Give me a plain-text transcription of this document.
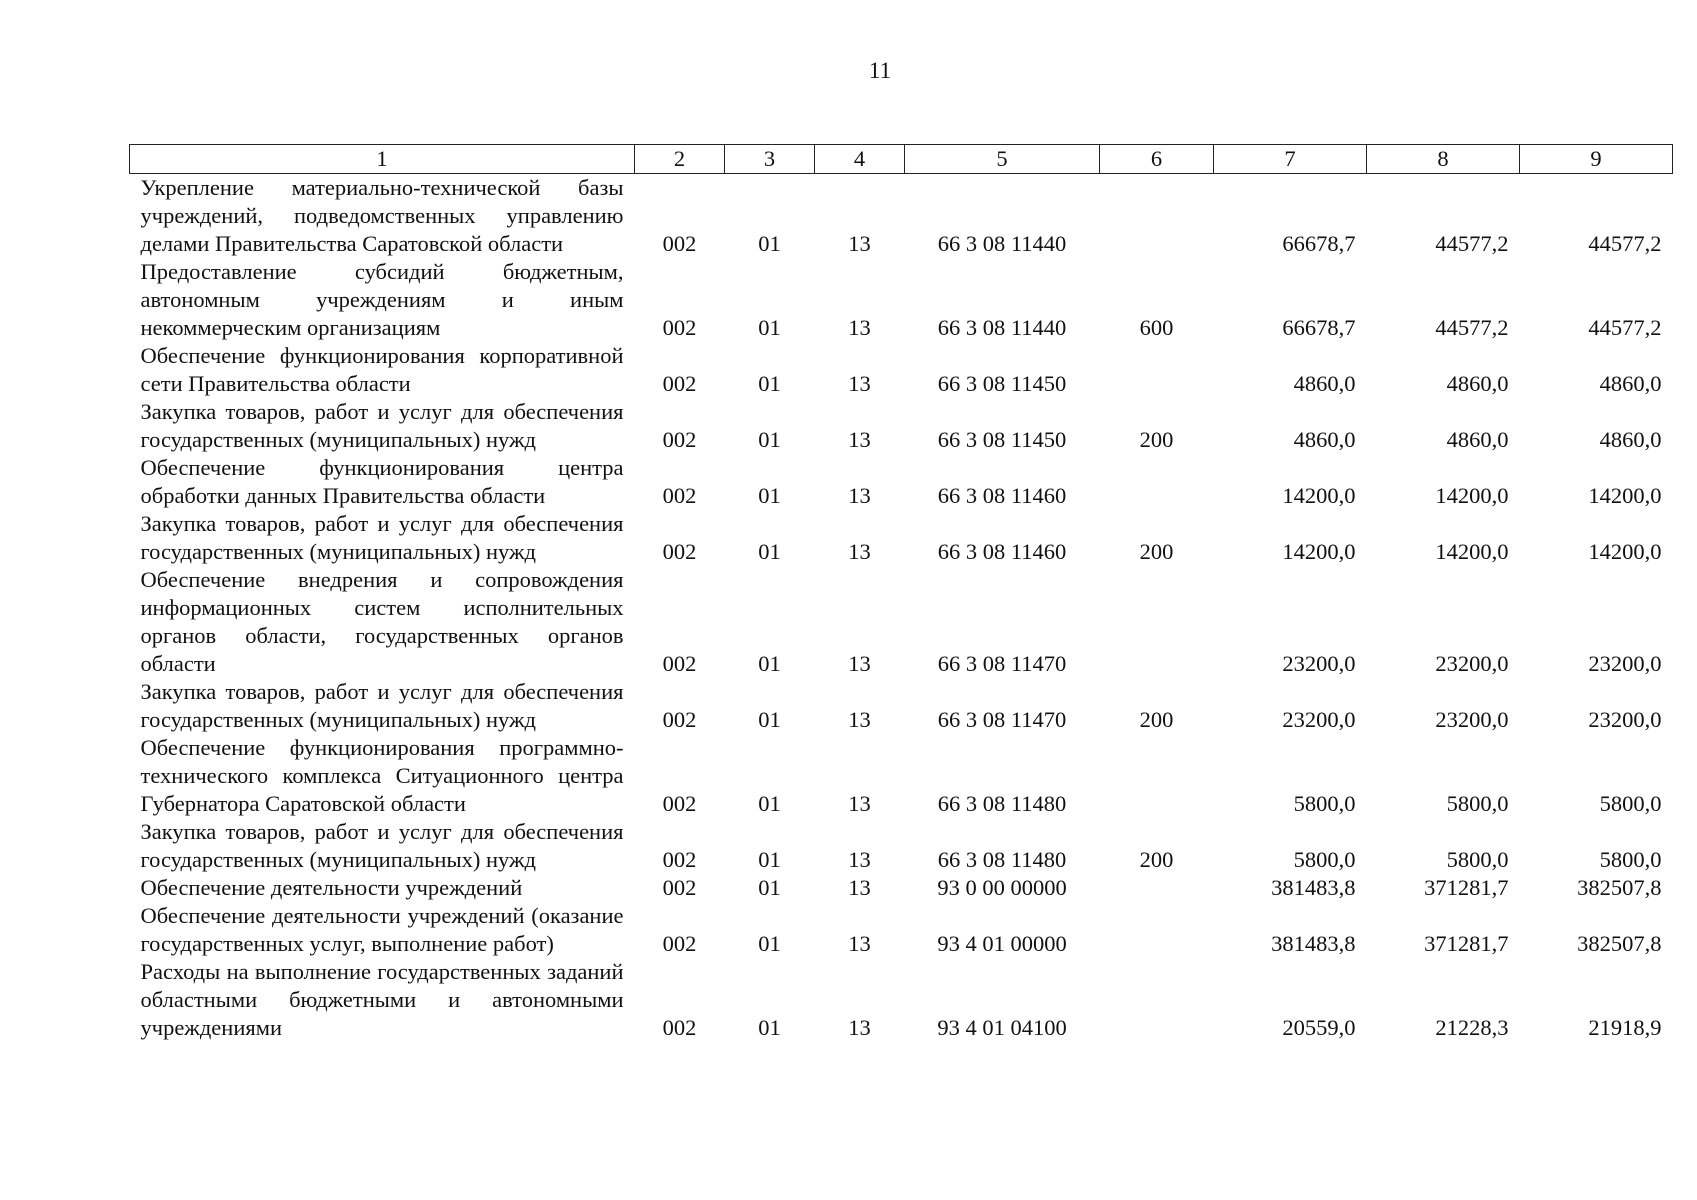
11
1	2	3	4	5	6	7	8	9
Укрепление материально-технической базы учреждений, подведомственных управлению делами Правительства Саратовской области	002	01	13	66 3 08 11440		66678,7	44577,2	44577,2
Предоставление субсидий бюджетным, автономным учреждениям и иным некоммерческим организациям	002	01	13	66 3 08 11440	600	66678,7	44577,2	44577,2
Обеспечение функционирования корпоративной сети Правительства области	002	01	13	66 3 08 11450		4860,0	4860,0	4860,0
Закупка товаров, работ и услуг для обеспечения государственных (муниципальных) нужд	002	01	13	66 3 08 11450	200	4860,0	4860,0	4860,0
Обеспечение функционирования центра обработки данных Правительства области	002	01	13	66 3 08 11460		14200,0	14200,0	14200,0
Закупка товаров, работ и услуг для обеспечения государственных (муниципальных) нужд	002	01	13	66 3 08 11460	200	14200,0	14200,0	14200,0
Обеспечение внедрения и сопровождения информационных систем исполнительных органов области, государственных органов области	002	01	13	66 3 08 11470		23200,0	23200,0	23200,0
Закупка товаров, работ и услуг для обеспечения государственных (муниципальных) нужд	002	01	13	66 3 08 11470	200	23200,0	23200,0	23200,0
Обеспечение функционирования программно-технического комплекса Ситуационного центра Губернатора Саратовской области	002	01	13	66 3 08 11480		5800,0	5800,0	5800,0
Закупка товаров, работ и услуг для обеспечения государственных (муниципальных) нужд	002	01	13	66 3 08 11480	200	5800,0	5800,0	5800,0
Обеспечение деятельности учреждений	002	01	13	93 0 00 00000		381483,8	371281,7	382507,8
Обеспечение деятельности учреждений (оказание государственных услуг, выполнение работ)	002	01	13	93 4 01 00000		381483,8	371281,7	382507,8
Расходы на выполнение государственных заданий областными бюджетными и автономными учреждениями	002	01	13	93 4 01 04100		20559,0	21228,3	21918,9
